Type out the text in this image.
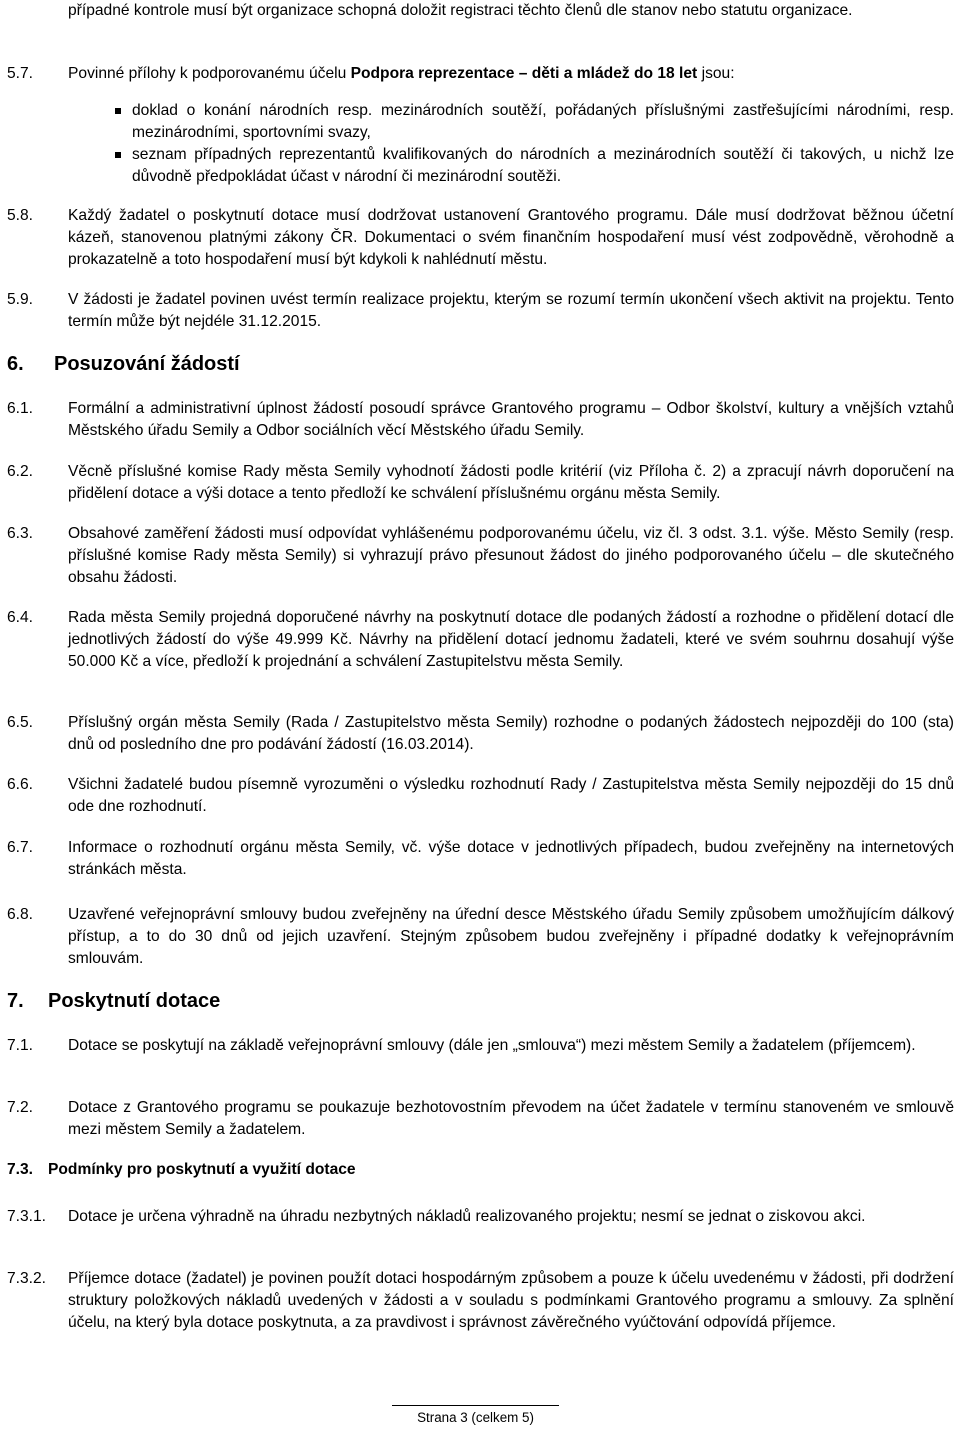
případné kontrole musí být organizace schopná doložit registraci těchto členů dle stanov nebo statutu organizace.
5.7. Povinné přílohy k podporovanému účelu Podpora reprezentace – děti a mládež do 18 let jsou:
doklad o konání národních resp. mezinárodních soutěží, pořádaných příslušnými zastřešujícími národními, resp. mezinárodními, sportovními svazy,
seznam případných reprezentantů kvalifikovaných do národních a mezinárodních soutěží či takových, u nichž lze důvodně předpokládat účast v národní či mezinárodní soutěži.
5.8. Každý žadatel o poskytnutí dotace musí dodržovat ustanovení Grantového programu. Dále musí dodržovat běžnou účetní kázeň, stanovenou platnými zákony ČR. Dokumentaci o svém finančním hospodaření musí vést zodpovědně, věrohodně a prokazatelně a toto hospodaření musí být kdykoli k nahlédnutí městu.
5.9. V žádosti je žadatel povinen uvést termín realizace projektu, kterým se rozumí termín ukončení všech aktivit na projektu. Tento termín může být nejdéle 31.12.2015.
6. Posuzování žádostí
6.1. Formální a administrativní úplnost žádostí posoudí správce Grantového programu – Odbor školství, kultury a vnějších vztahů Městského úřadu Semily a Odbor sociálních věcí Městského úřadu Semily.
6.2. Věcně příslušné komise Rady města Semily vyhodnotí žádosti podle kritérií (viz Příloha č. 2) a zpracují návrh doporučení na přidělení dotace a výši dotace a tento předloží ke schválení příslušnému orgánu města Semily.
6.3. Obsahové zaměření žádosti musí odpovídat vyhlášenému podporovanému účelu, viz čl. 3 odst. 3.1. výše. Město Semily (resp. příslušné komise Rady města Semily) si vyhrazují právo přesunout žádost do jiného podporovaného účelu – dle skutečného obsahu žádosti.
6.4. Rada města Semily projedná doporučené návrhy na poskytnutí dotace dle podaných žádostí a rozhodne o přidělení dotací dle jednotlivých žádostí do výše 49.999 Kč. Návrhy na přidělení dotací jednomu žadateli, které ve svém souhrnu dosahují výše 50.000 Kč a více, předloží k projednání a schválení Zastupitelstvu města Semily.
6.5. Příslušný orgán města Semily (Rada / Zastupitelstvo města Semily) rozhodne o podaných žádostech nejpozději do 100 (sta) dnů od posledního dne pro podávání žádostí (16.03.2014).
6.6. Všichni žadatelé budou písemně vyrozuměni o výsledku rozhodnutí Rady / Zastupitelstva města Semily nejpozději do 15 dnů ode dne rozhodnutí.
6.7. Informace o rozhodnutí orgánu města Semily, vč. výše dotace v jednotlivých případech, budou zveřejněny na internetových stránkách města.
6.8. Uzavřené veřejnoprávní smlouvy budou zveřejněny na úřední desce Městského úřadu Semily způsobem umožňujícím dálkový přístup, a to do 30 dnů od jejich uzavření. Stejným způsobem budou zveřejněny i případné dodatky k veřejnoprávním smlouvám.
7. Poskytnutí dotace
7.1. Dotace se poskytují na základě veřejnoprávní smlouvy (dále jen „smlouva“) mezi městem Semily a žadatelem (příjemcem).
7.2. Dotace z Grantového programu se poukazuje bezhotovostním převodem na účet žadatele v termínu stanoveném ve smlouvě mezi městem Semily a žadatelem.
7.3. Podmínky pro poskytnutí a využití dotace
7.3.1. Dotace je určena výhradně na úhradu nezbytných nákladů realizovaného projektu; nesmí se jednat o ziskovou akci.
7.3.2. Příjemce dotace (žadatel) je povinen použít dotaci hospodárným způsobem a pouze k účelu uvedenému v žádosti, při dodržení struktury položkových nákladů uvedených v žádosti a v souladu s podmínkami Grantového programu a smlouvy. Za splnění účelu, na který byla dotace poskytnuta, a za pravdivost i správnost závěrečného vyúčtování odpovídá příjemce.
Strana 3 (celkem 5)
